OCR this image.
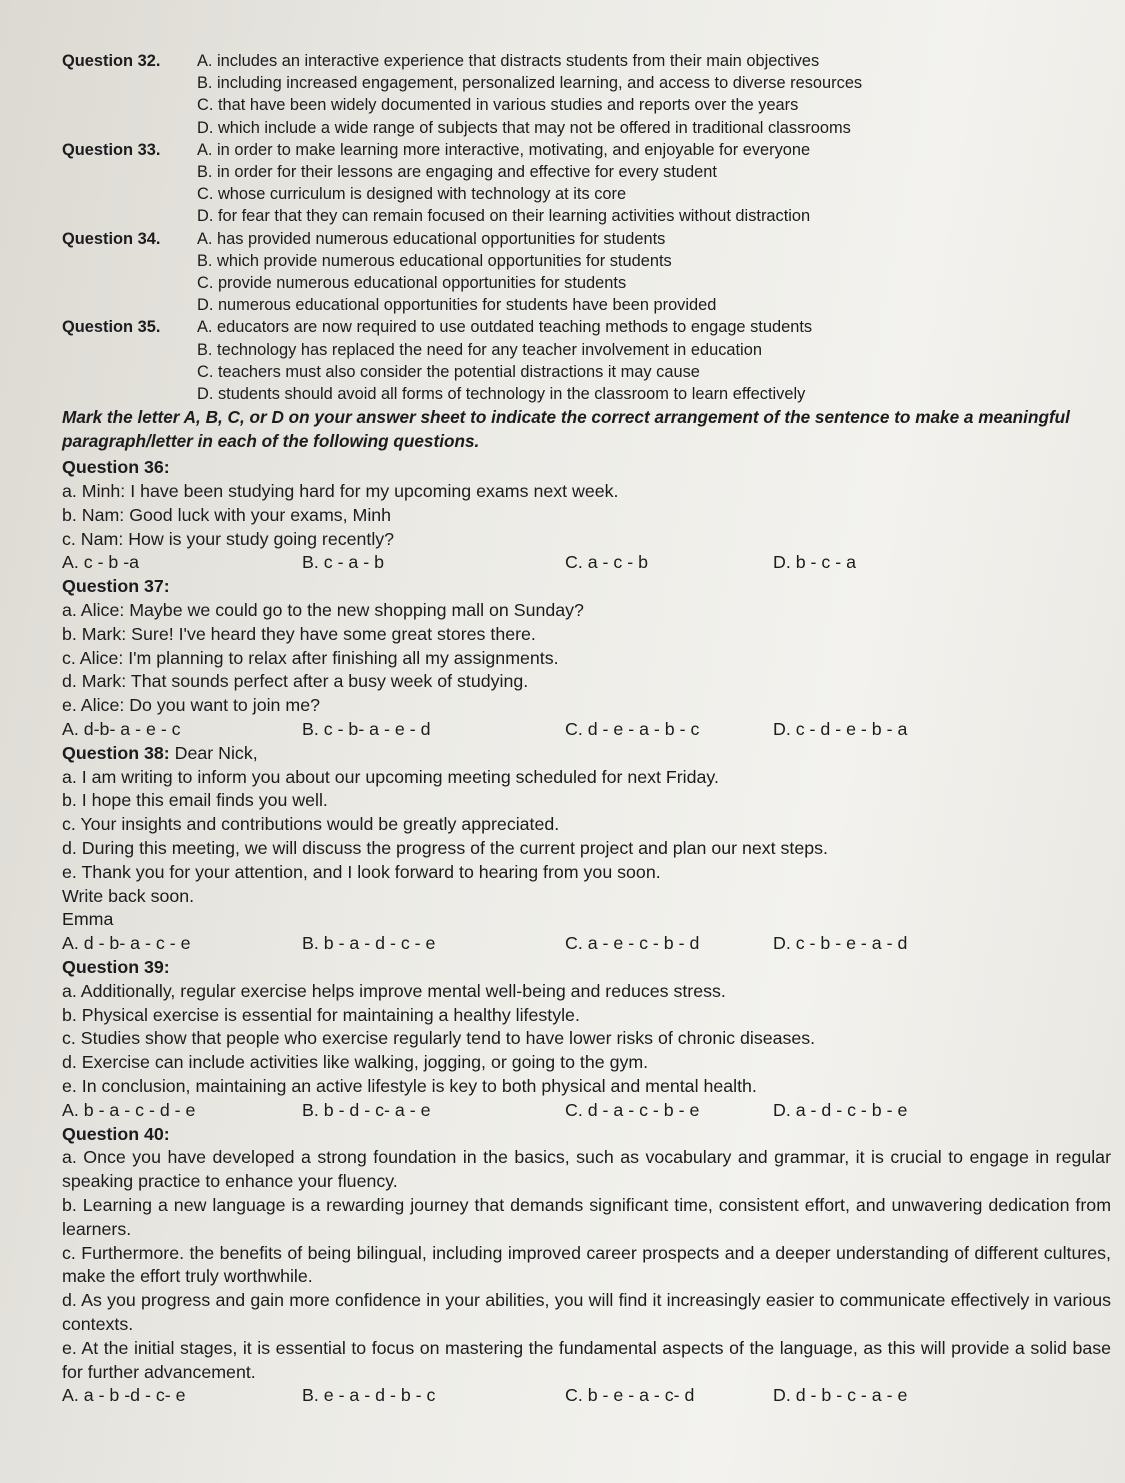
Question 32.	A. includes an interactive experience that distracts students from their main objectives
B. including increased engagement, personalized learning, and access to diverse resources
C. that have been widely documented in various studies and reports over the years
D. which include a wide range of subjects that may not be offered in traditional classrooms
Question 33.	A. in order to make learning more interactive, motivating, and enjoyable for everyone
B. in order for their lessons are engaging and effective for every student
C. whose curriculum is designed with technology at its core
D. for fear that they can remain focused on their learning activities without distraction
Question 34.	A. has provided numerous educational opportunities for students
B. which provide numerous educational opportunities for students
C. provide numerous educational opportunities for students
D. numerous educational opportunities for students have been provided
Question 35.	A. educators are now required to use outdated teaching methods to engage students
B. technology has replaced the need for any teacher involvement in education
C. teachers must also consider the potential distractions it may cause
D. students should avoid all forms of technology in the classroom to learn effectively
Mark the letter A, B, C, or D on your answer sheet to indicate the correct arrangement of the sentence to make a meaningful paragraph/letter in each of the following questions.
Question 36:
a. Minh: I have been studying hard for my upcoming exams next week.
b. Nam: Good luck with your exams, Minh
c. Nam: How is your study going recently?
A. c - b -a	B. c - a - b	C. a - c - b	D. b - c - a
Question 37:
a. Alice: Maybe we could go to the new shopping mall on Sunday?
b. Mark: Sure! I've heard they have some great stores there.
c. Alice: I'm planning to relax after finishing all my assignments.
d. Mark: That sounds perfect after a busy week of studying.
e. Alice: Do you want to join me?
A. d-b- a - e - c	B. c - b- a - e - d	C. d - e - a - b - c	D. c - d - e - b - a
Question 38: Dear Nick,
a. I am writing to inform you about our upcoming meeting scheduled for next Friday.
b. I hope this email finds you well.
c. Your insights and contributions would be greatly appreciated.
d. During this meeting, we will discuss the progress of the current project and plan our next steps.
e. Thank you for your attention, and I look forward to hearing from you soon.
Write back soon.
Emma
A. d - b- a - c - e	B. b - a - d - c - e	C. a - e - c - b - d	D. c - b - e - a - d
Question 39:
a. Additionally, regular exercise helps improve mental well-being and reduces stress.
b. Physical exercise is essential for maintaining a healthy lifestyle.
c. Studies show that people who exercise regularly tend to have lower risks of chronic diseases.
d. Exercise can include activities like walking, jogging, or going to the gym.
e. In conclusion, maintaining an active lifestyle is key to both physical and mental health.
A. b - a - c - d - e	B. b - d - c- a - e	C. d - a - c - b - e	D. a - d - c - b - e
Question 40:
a. Once you have developed a strong foundation in the basics, such as vocabulary and grammar, it is crucial to engage in regular speaking practice to enhance your fluency.
b. Learning a new language is a rewarding journey that demands significant time, consistent effort, and unwavering dedication from learners.
c. Furthermore. the benefits of being bilingual, including improved career prospects and a deeper understanding of different cultures, make the effort truly worthwhile.
d. As you progress and gain more confidence in your abilities, you will find it increasingly easier to communicate effectively in various contexts.
e. At the initial stages, it is essential to focus on mastering the fundamental aspects of the language, as this will provide a solid base for further advancement.
A. a - b -d - c- e	B. e - a - d - b - c	C. b - e - a - c- d	D. d - b - c - a - e
